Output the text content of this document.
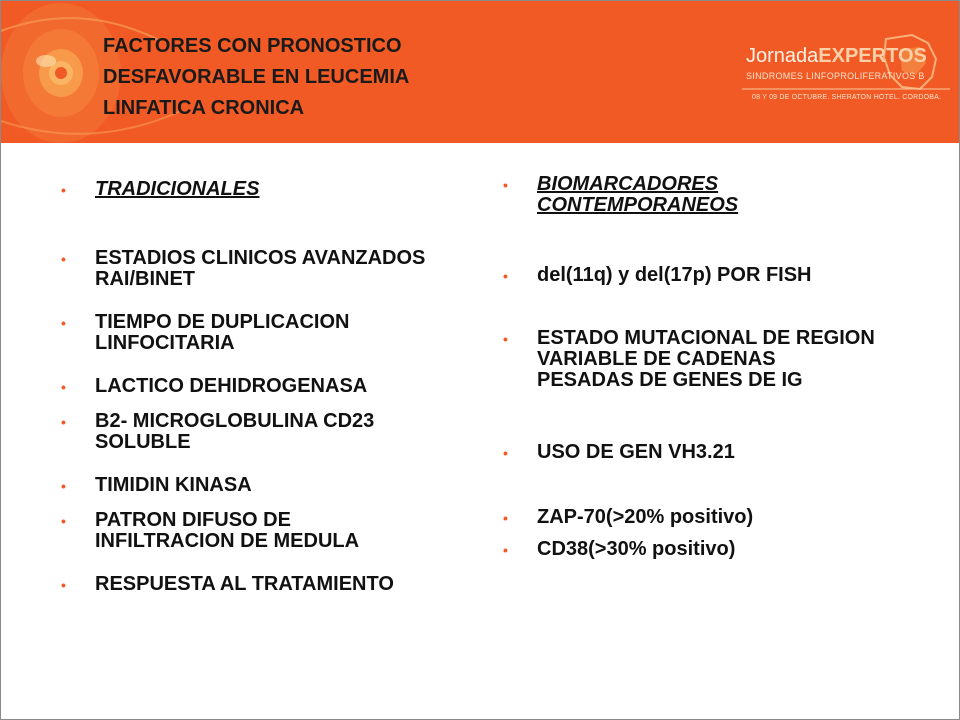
FACTORES CON PRONOSTICO
DESFAVORABLE EN LEUCEMIA
LINFATICA CRONICA
JornadaEXPERTOS
SINDROMES LINFOPROLIFERATIVOS B
08 Y 09 DE OCTUBRE. SHERATON HOTEL. CORDOBA.
• TRADICIONALES
• ESTADIOS CLINICOS AVANZADOS RAI/BINET
• TIEMPO DE DUPLICACION LINFOCITARIA
• LACTICO DEHIDROGENASA
• B2- MICROGLOBULINA CD23 SOLUBLE
• TIMIDIN KINASA
• PATRON DIFUSO DE INFILTRACION DE MEDULA
• RESPUESTA AL TRATAMIENTO
• BIOMARCADORES CONTEMPORANEOS
• del(11q) y del(17p) POR FISH
• ESTADO MUTACIONAL DE REGION VARIABLE DE CADENAS PESADAS DE GENES DE IG
• USO DE GEN VH3.21
• ZAP-70(>20% positivo)
• CD38(>30% positivo)
